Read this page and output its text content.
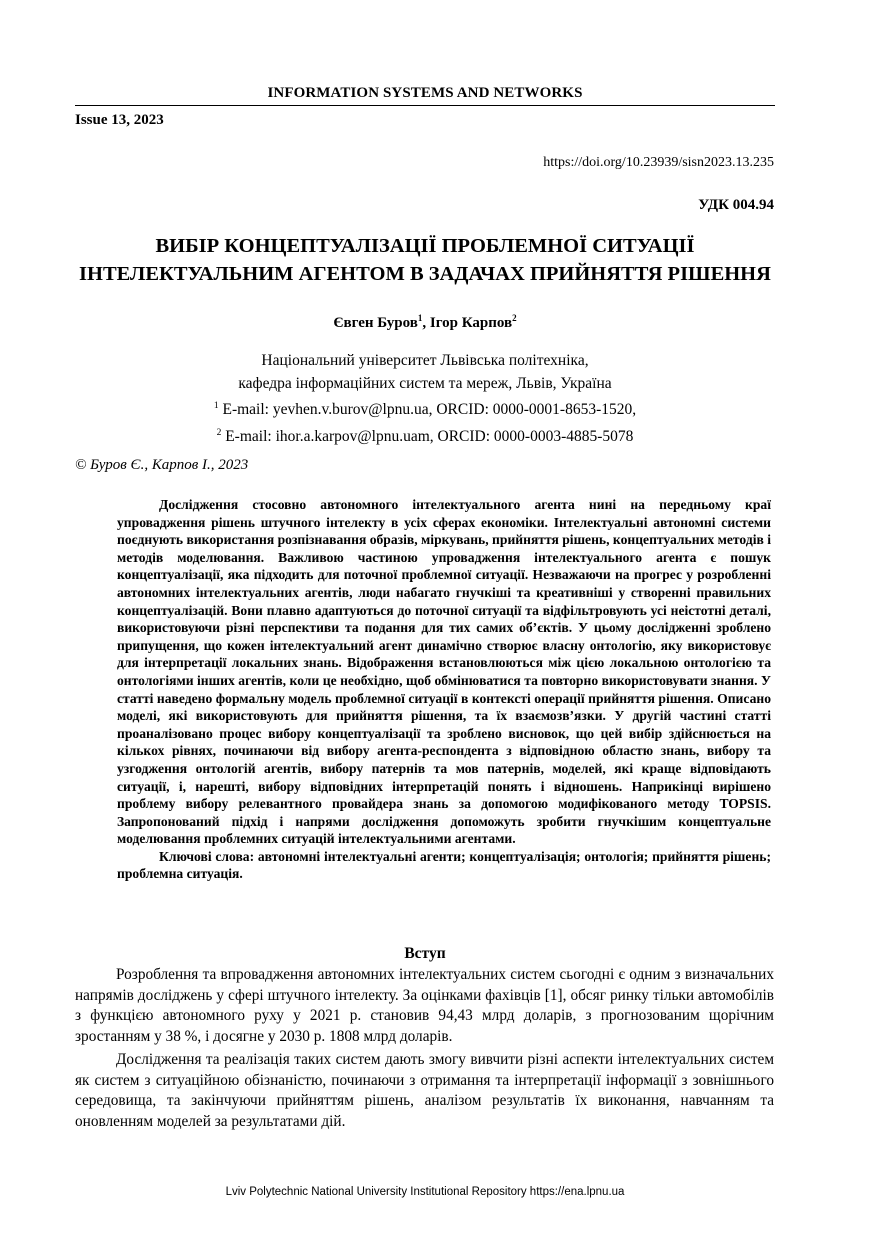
INFORMATION SYSTEMS AND NETWORKS
Issue 13, 2023
https://doi.org/10.23939/sisn2023.13.235
УДК 004.94
ВИБІР КОНЦЕПТУАЛІЗАЦІЇ ПРОБЛЕМНОЇ СИТУАЦІЇ
ІНТЕЛЕКТУАЛЬНИМ АГЕНТОМ В ЗАДАЧАХ ПРИЙНЯТТЯ РІШЕННЯ
Євген Буров$^1$, Ігор Карпов$^2$
Національний університет Львівська політехніка,
кафедра інформаційних систем та мереж, Львів, Україна
$^1$ E-mail: yevhen.v.burov@lpnu.ua, ORCID: 0000-0001-8653-1520,
$^2$ E-mail: ihor.a.karpov@lpnu.uam, ORCID: 0000-0003-4885-5078
© Буров Є., Карпов І., 2023

Дослідження стосовно автономного інтелектуального агента нині на передньому краї упровадження рішень штучного інтелекту в усіх сферах економіки. Інтелектуальні автономні системи поєднують використання розпізнавання образів, міркувань, прийняття рішень, концептуальних методів і методів моделювання. Важливою частиною упровадження інтелектуального агента є пошук концептуалізації, яка підходить для поточної проблемної ситуації. Незважаючи на прогрес у розробленні автономних інтелектуальних агентів, люди набагато гнучкіші та креативніші у створенні правильних концептуалізацій. Вони плавно адаптуються до поточної ситуації та відфільтровують усі неістотні деталі, використовуючи різні перспективи та подання для тих самих об’єктів. У цьому дослідженні зроблено припущення, що кожен інтелектуальний агент динамічно створює власну онтологію, яку використовує для інтерпретації локальних знань. Відображення встановлюються між цією локальною онтологією та онтологіями інших агентів, коли це необхідно, щоб обмінюватися та повторно використовувати знання. У статті наведено формальну модель проблемної ситуації в контексті операції прийняття рішення. Описано моделі, які використовують для прийняття рішення, та їх взаємозв’язки. У другій частині статті проаналізовано процес вибору концептуалізації та зроблено висновок, що цей вибір здійснюється на кількох рівнях, починаючи від вибору агента-респондента з відповідною областю знань, вибору та узгодження онтологій агентів, вибору патернів та мов патернів, моделей, які краще відповідають ситуації, і, нарешті, вибору відповідних інтерпретацій понять і відношень. Наприкінці вирішено проблему вибору релевантного провайдера знань за допомогою модифікованого методу TOPSIS. Запропонований підхід і напрями дослідження допоможуть зробити гнучкішим концептуальне моделювання проблемних ситуацій інтелектуальними агентами.

Ключові слова: автономні інтелектуальні агенти; концептуалізація; онтологія; прийняття рішень; проблемна ситуація.

Вступ

Розроблення та впровадження автономних інтелектуальних систем сьогодні є одним з визначальних напрямів досліджень у сфері штучного інтелекту. За оцінками фахівців [1], обсяг ринку тільки автомобілів з функцією автономного руху у 2021 р. становив 94,43 млрд доларів, з прогнозованим щорічним зростанням у 38 %, і досягне у 2030 р. 1808 млрд доларів.

Дослідження та реалізація таких систем дають змогу вивчити різні аспекти інтелектуальних систем як систем з ситуаційною обізнаністю, починаючи з отримання та інтерпретації інформації з зовнішнього середовища, та закінчуючи прийняттям рішень, аналізом результатів їх виконання, навчанням та оновленням моделей за результатами дій.

Lviv Polytechnic National University Institutional Repository https://ena.lpnu.ua
